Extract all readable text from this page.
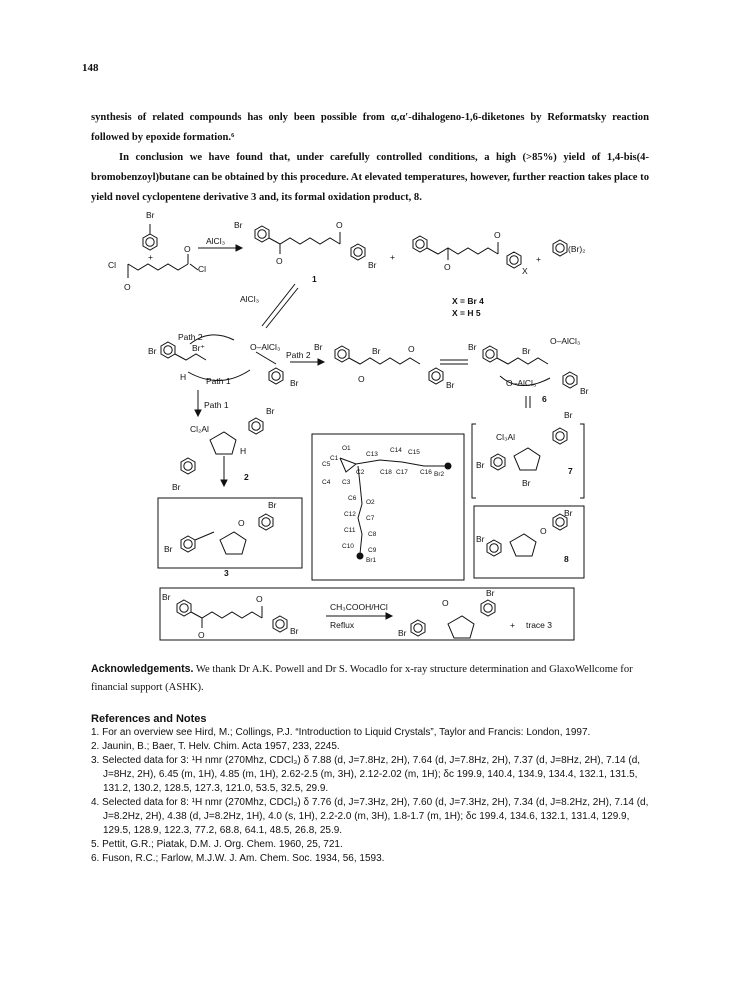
148

synthesis of related compounds has only been possible from α,α′-dihalogeno-1,6-diketones by Reformatsky reaction followed by epoxide formation.⁶

In conclusion we have found that, under carefully controlled conditions, a high (>85%) yield of 1,4-bis(4-bromobenzoyl)butane can be obtained by this procedure. At elevated temperatures, however, further reaction takes place to yield novel cyclopentene derivative 3 and, its formal oxidation product, 8.

Br
+
Cl	Cl
O
O
AlCl₃
Br
O
O
Br
+
1
O
O
X
+
(Br)₂
AlCl₃	X = Br 4
X = H 5
Path 2
Br⁺
Br	O–AlCl₃
H Path 1	Br
Path 2
Br	Br	O
O
Br
Br	Br
O–AlCl₃
O–AlCl₃
Br
6
Path 1
Cl₂Al
Br
H
Br
2
Br
Br
O
3
Cl₃Al
Br
Br
Br
7
Br
Br
O
8
Br	O
O	Br
CH₃COOH/HCl
Reflux
Br
Br
O
+ trace 3
O1
C1
C13
C14 C15
C5
C2 C18 C17 C16 Br2
C4 C3
C6
O2
C12
C7
C11
C8
C10
C9
Br1
Acknowledgements. We thank Dr A.K. Powell and Dr S. Wocadlo for x-ray structure determination and GlaxoWellcome for financial support (ASHK).
References and Notes

1. For an overview see Hird, M.; Collings, P.J. “Introduction to Liquid Crystals”, Taylor and Francis: London, 1997.

2. Jaunin, B.; Baer, T. Helv. Chim. Acta 1957, 233, 2245.

3. Selected data for 3: ¹H nmr (270Mhz, CDCl₃) δ 7.88 (d, J=7.8Hz, 2H), 7.64 (d, J=7.8Hz, 2H), 7.37 (d, J=8Hz, 2H), 7.14 (d, J=8Hz, 2H), 6.45 (m, 1H), 4.85 (m, 1H), 2.62-2.5 (m, 3H), 2.12-2.02 (m, 1H); δc 199.9, 140.4, 134.9, 134.4, 132.1, 131.5, 131.2, 130.2, 128.5, 127.3, 121.0, 53.5, 32.5, 29.9.

4. Selected data for 8: ¹H nmr (270Mhz, CDCl₃) δ 7.76 (d, J=7.3Hz, 2H), 7.60 (d, J=7.3Hz, 2H), 7.34 (d, J=8.2Hz, 2H), 7.14 (d, J=8.2Hz, 2H), 4.38 (d, J=8.2Hz, 1H), 4.0 (s, 1H), 2.2-2.0 (m, 3H), 1.8-1.7 (m, 1H); δc 199.4, 134.6, 132.1, 131.4, 129.9, 129.5, 128.9, 122.3, 77.2, 68.8, 64.1, 48.5, 26.8, 25.9.

5. Pettit, G.R.; Piatak, D.M. J. Org. Chem. 1960, 25, 721.

6. Fuson, R.C.; Farlow, M.J.W. J. Am. Chem. Soc. 1934, 56, 1593.
